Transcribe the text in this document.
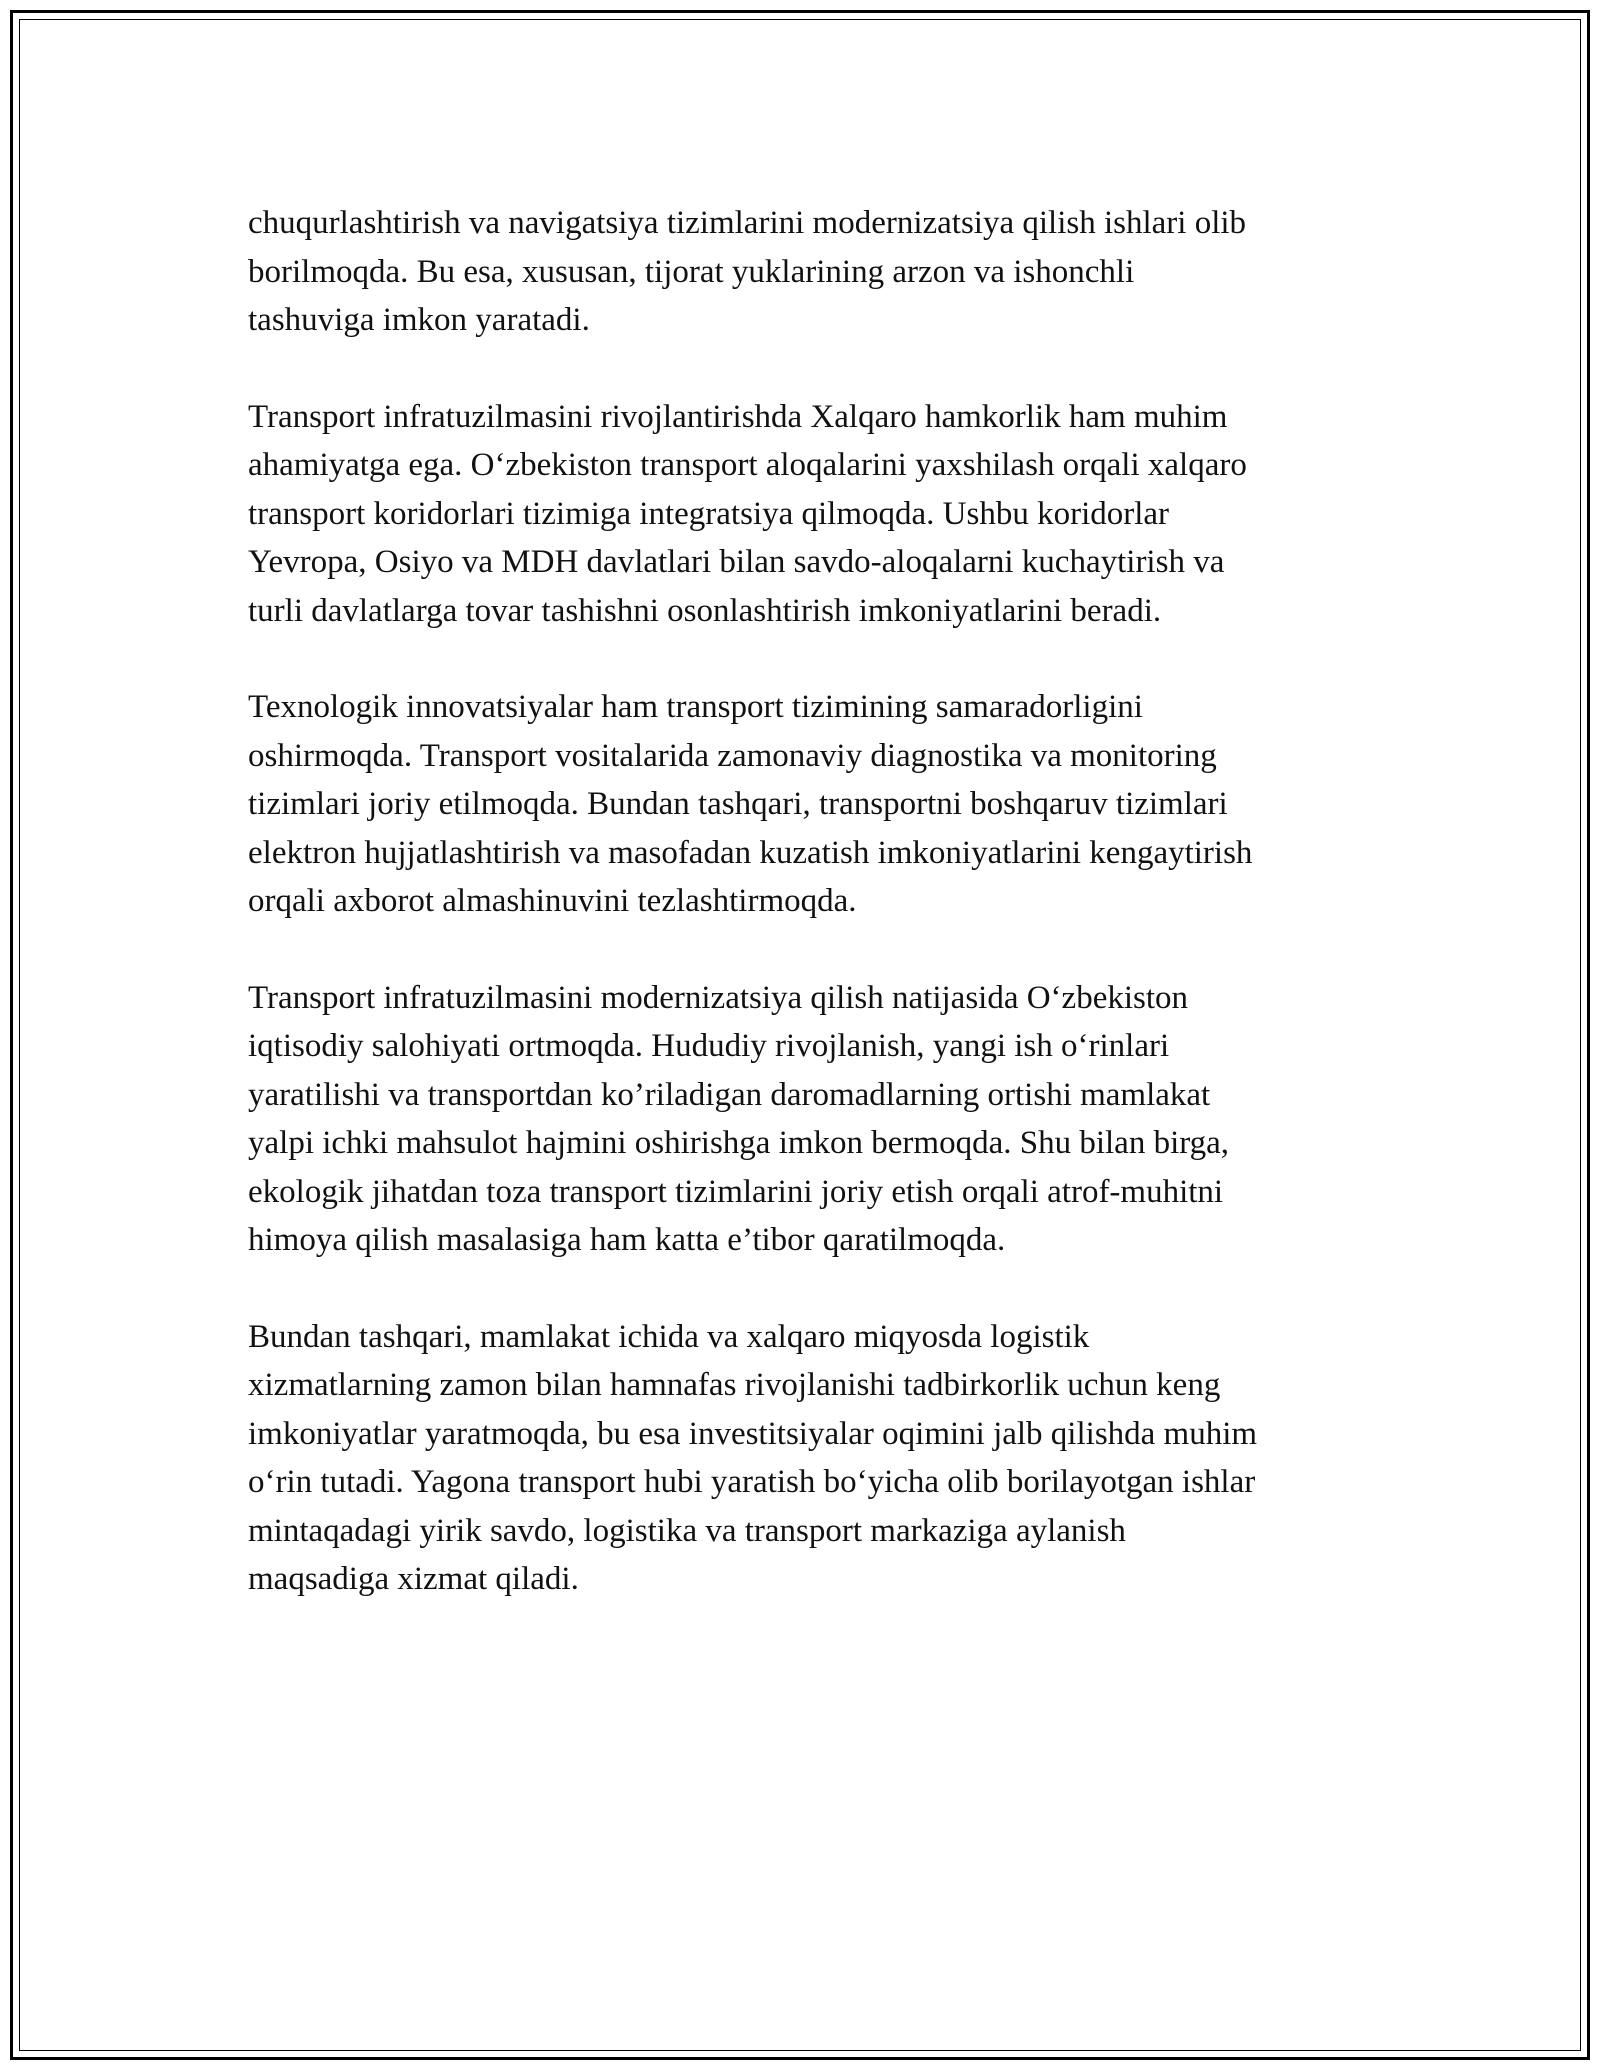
chuqurlashtirish va navigatsiya tizimlarini modernizatsiya qilish ishlari olib
borilmoqda. Bu esa, xususan, tijorat yuklarining arzon va ishonchli
tashuviga imkon yaratadi.

Transport infratuzilmasini rivojlantirishda Xalqaro hamkorlik ham muhim
ahamiyatga ega. O‘zbekiston transport aloqalarini yaxshilash orqali xalqaro
transport koridorlari tizimiga integratsiya qilmoqda. Ushbu koridorlar
Yevropa, Osiyo va MDH davlatlari bilan savdo-aloqalarni kuchaytirish va
turli davlatlarga tovar tashishni osonlashtirish imkoniyatlarini beradi.

Texnologik innovatsiyalar ham transport tizimining samaradorligini
oshirmoqda. Transport vositalarida zamonaviy diagnostika va monitoring
tizimlari joriy etilmoqda. Bundan tashqari, transportni boshqaruv tizimlari
elektron hujjatlashtirish va masofadan kuzatish imkoniyatlarini kengaytirish
orqali axborot almashinuvini tezlashtirmoqda.

Transport infratuzilmasini modernizatsiya qilish natijasida O‘zbekiston
iqtisodiy salohiyati ortmoqda. Hududiy rivojlanish, yangi ish o‘rinlari
yaratilishi va transportdan ko’riladigan daromadlarning ortishi mamlakat
yalpi ichki mahsulot hajmini oshirishga imkon bermoqda. Shu bilan birga,
ekologik jihatdan toza transport tizimlarini joriy etish orqali atrof-muhitni
himoya qilish masalasiga ham katta e’tibor qaratilmoqda.

Bundan tashqari, mamlakat ichida va xalqaro miqyosda logistik
xizmatlarning zamon bilan hamnafas rivojlanishi tadbirkorlik uchun keng
imkoniyatlar yaratmoqda, bu esa investitsiyalar oqimini jalb qilishda muhim
o‘rin tutadi. Yagona transport hubi yaratish bo‘yicha olib borilayotgan ishlar
mintaqadagi yirik savdo, logistika va transport markaziga aylanish
maqsadiga xizmat qiladi.
